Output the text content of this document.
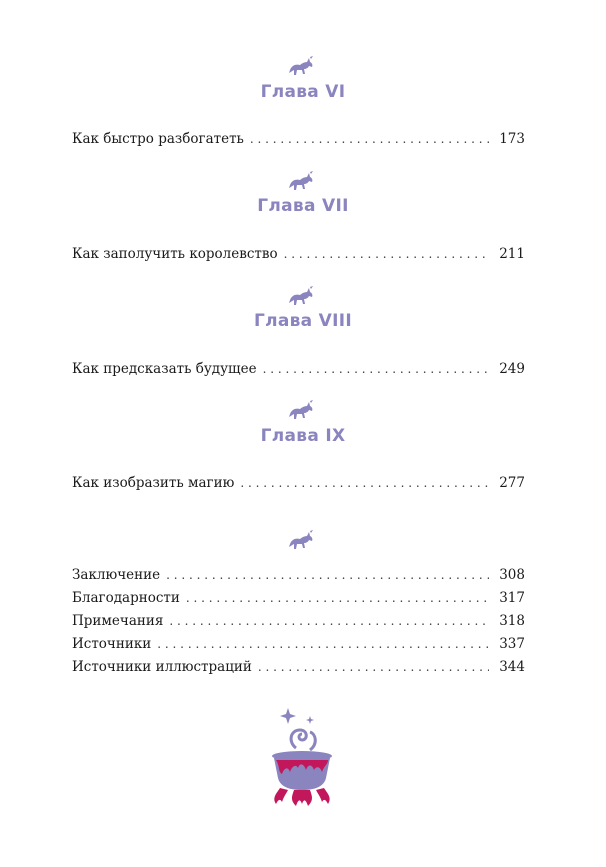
Глава VI
Как быстро разбогатеть . . .	173
Глава VII
Как заполучить королевство . . .	211
Глава VIII
Как предсказать будущее . . .	249
Глава IX
Как изобразить магию . . .	277
Заключение . . .	308
Благодарности . . .	317
Примечания . . .	318
Источники . . .	337
Источники иллюстраций . . .	344
